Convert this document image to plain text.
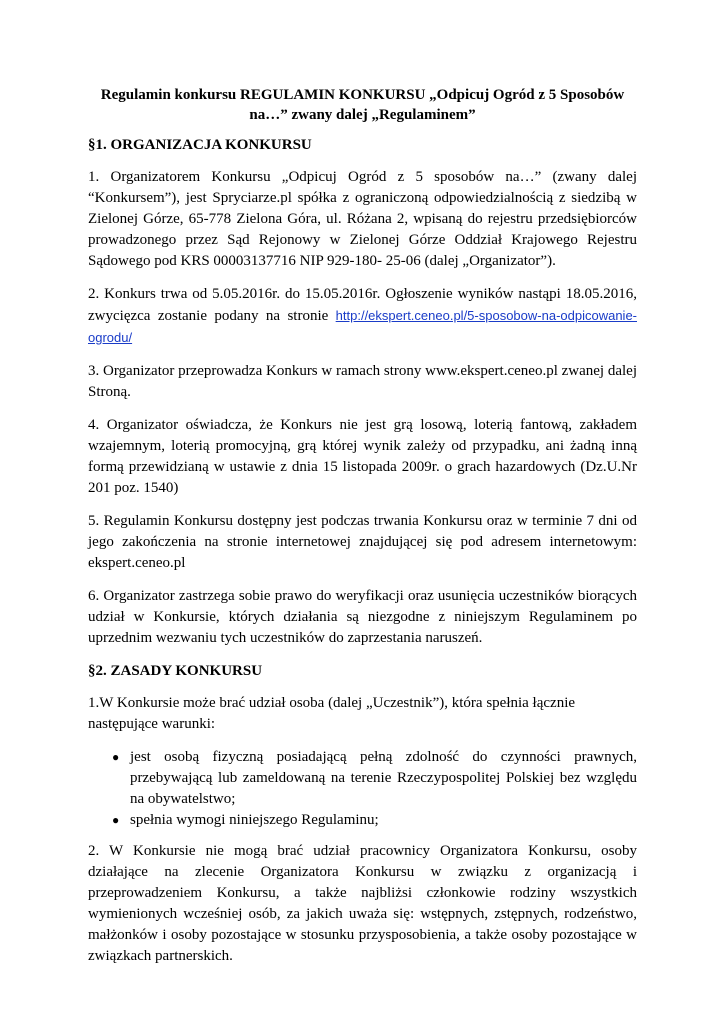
Regulamin konkursu REGULAMIN KONKURSU „Odpicuj Ogród z 5 Sposobów na…” zwany dalej „Regulaminem”
§1. ORGANIZACJA KONKURSU

1. Organizatorem Konkursu „Odpicuj Ogród z 5 sposobów na…” (zwany dalej “Konkursem”), jest Spryciarze.pl spółka z ograniczoną odpowiedzialnością z siedzibą w Zielonej Górze, 65-778 Zielona Góra, ul. Różana 2, wpisaną do rejestru przedsiębiorców prowadzonego przez Sąd Rejonowy w Zielonej Górze Oddział Krajowego Rejestru Sądowego pod KRS 00003137716 NIP 929-180- 25-06 (dalej „Organizator”).

2. Konkurs trwa od 5.05.2016r. do 15.05.2016r. Ogłoszenie wyników nastąpi 18.05.2016, zwycięzca zostanie podany na stronie http://ekspert.ceneo.pl/5-sposobow-na-odpicowanie-ogrodu/

3. Organizator przeprowadza Konkurs w ramach strony www.ekspert.ceneo.pl zwanej dalej Stroną.

4. Organizator oświadcza, że Konkurs nie jest grą losową, loterią fantową, zakładem wzajemnym, loterią promocyjną, grą której wynik zależy od przypadku, ani żadną inną formą przewidzianą w ustawie z dnia 15 listopada 2009r. o grach hazardowych (Dz.U.Nr 201 poz. 1540)

5. Regulamin Konkursu dostępny jest podczas trwania Konkursu oraz w terminie 7 dni od jego zakończenia na stronie internetowej znajdującej się pod adresem internetowym: ekspert.ceneo.pl

6. Organizator zastrzega sobie prawo do weryfikacji oraz usunięcia uczestników biorących udział w Konkursie, których działania są niezgodne z niniejszym Regulaminem po uprzednim wezwaniu tych uczestników do zaprzestania naruszeń.

§2. ZASADY KONKURSU

1.W Konkursie może brać udział osoba (dalej „Uczestnik”), która spełnia łącznie następujące warunki:

● jest osobą fizyczną posiadającą pełną zdolność do czynności prawnych, przebywającą lub zameldowaną na terenie Rzeczypospolitej Polskiej bez względu na obywatelstwo;
● spełnia wymogi niniejszego Regulaminu;

2. W Konkursie nie mogą brać udział pracownicy Organizatora Konkursu, osoby działające na zlecenie Organizatora Konkursu w związku z organizacją i przeprowadzeniem Konkursu, a także najbliżsi członkowie rodziny wszystkich wymienionych wcześniej osób, za jakich uważa się: wstępnych, zstępnych, rodzeństwo, małżonków i osoby pozostające w stosunku przysposobienia, a także osoby pozostające w związkach partnerskich.
